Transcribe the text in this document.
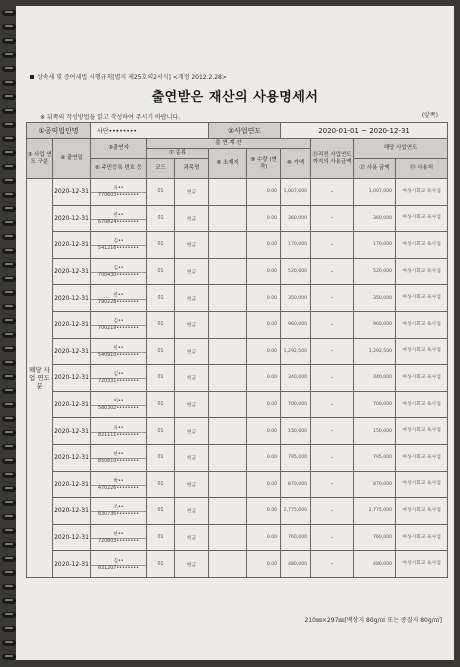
상속세 및 증여세법 시행규칙[별지 제25호의2서식] <개정 2012.2.28>
출연받은 재산의 사용명세서
※ 뒤쪽의 작성방법을 읽고 작성하여 주시기 바랍니다.	(앞쪽)
①공익법인명		사단••••••••			②사업연도		2020-01-01 ~ 2020-12-31			
③ 사업 연도 구분	④ 출연일	⑤출연자	출 연 재 산					⑪직전 사업연도 까지의 사용금액	해당 사업연도	
			⑦ 종류		⑧ 소재지	⑨ 수량 (면적)	⑩ 가액			
		⑥ 주민등록 번호 등	코드	과목명					⑫ 사용 금액	⑬ 사용처

해당 사업 연도분	2020-12-31	유••
770603••••••••	01	현금		0.00	1,007,000	–	1,007,000	여성시회교 육사업
	2020-12-31	한••
670824••••••••	01	현금		0.00	360,000	–	360,000	여성시회교 육사업
	2020-12-31	김••
541216••••••••	01	현금		0.00	170,000	–	170,000	여성시회교 육사업
	2020-12-31	김••
700430••••••••	01	현금		0.00	520,000	–	520,000	여성시회교 육사업
	2020-12-31	한••
790228••••••••	01	현금		0.00	350,000	–	350,000	여성시회교 육사업
	2020-12-31	김••
700219••••••••	01	현금		0.00	960,000	–	960,000	여성시회교 육사업
	2020-12-31	한••
540910••••••••	01	현금		0.00	1,292,500	–	1,292,500	여성시회교 육사업
	2020-12-31	김••
720331••••••••	01	현금		0.00	340,000	–	340,000	여성시회교 육사업
	2020-12-31	이••
580302••••••••	01	현금		0.00	700,000	–	700,000	여성시회교 육사업
	2020-12-31	유••
821111••••••••	01	현금		0.00	150,000	–	150,000	여성시회교 육사업
	2020-12-31	한••
850810••••••••	01	현금		0.00	795,000	–	795,000	여성시회교 육사업
	2020-12-31	박••
470226••••••••	01	현금		0.00	870,000	–	870,000	여성시회교 육사업
	2020-12-31	조••
630736••••••••	01	현금		0.00	2,775,000	–	2,775,000	여성시회교 육사업
	2020-12-31	한••
720803••••••••	01	현금		0.00	760,000	–	760,000	여성시회교 육사업
	2020-12-31	김••
631207••••••••	01	현금		0.00	480,000	–	480,000	여성시회교 육사업
210㎜×297㎜[백상지 80g/㎡ 또는 중질지 80g/㎡]
